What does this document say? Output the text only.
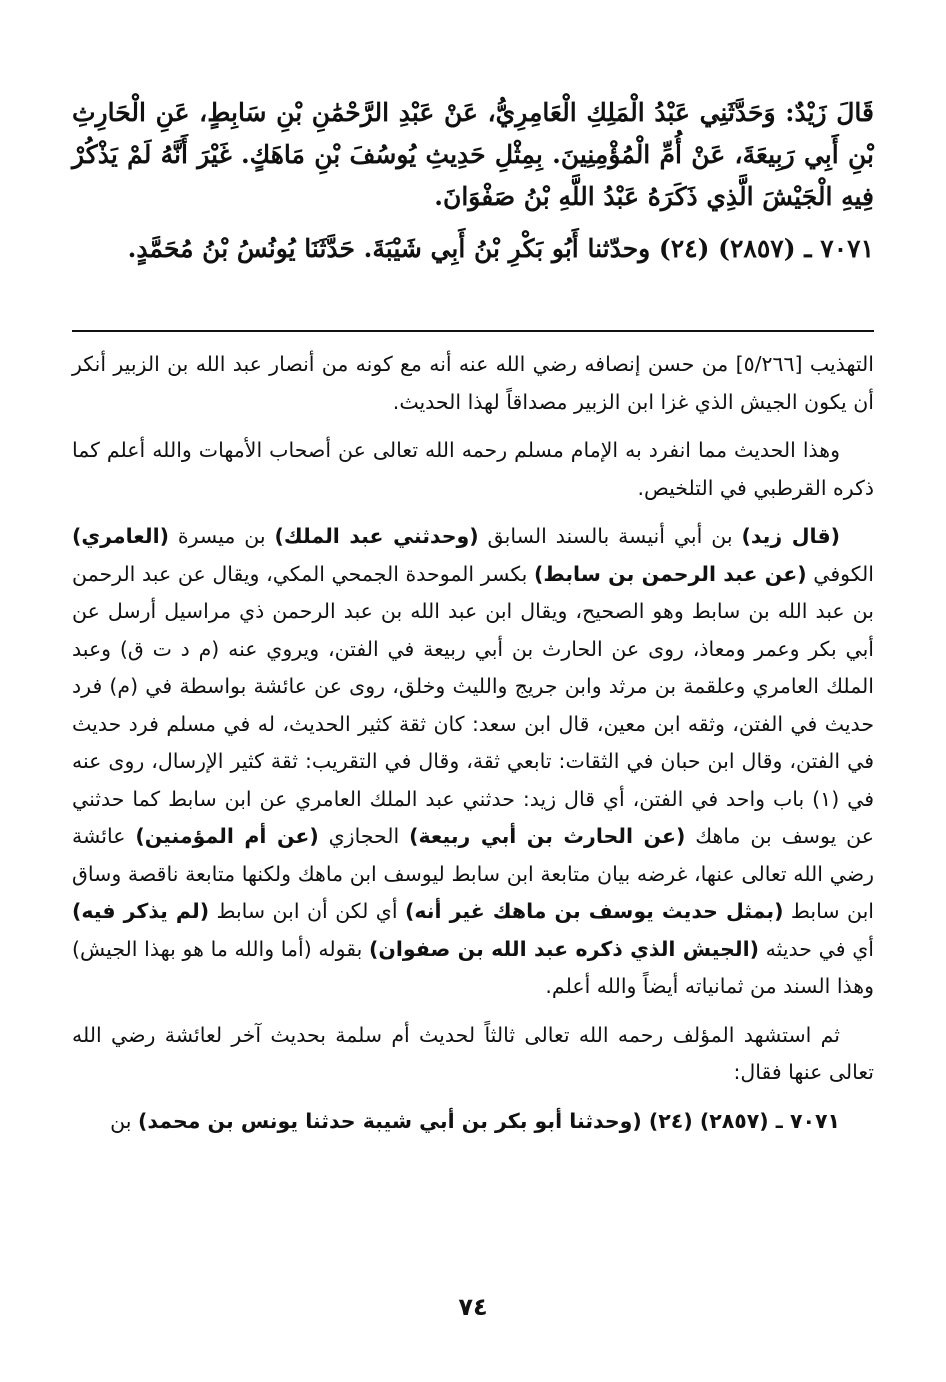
قَالَ زَيْدٌ: وَحَدَّثَنِي عَبْدُ الْمَلِكِ الْعَامِرِيُّ، عَنْ عَبْدِ الرَّحْمَٰنِ بْنِ سَابِطٍ، عَنِ الْحَارِثِ بْنِ أَبِي رَبِيعَةَ، عَنْ أُمِّ الْمُؤْمِنِينَ. بِمِثْلِ حَدِيثِ يُوسُفَ بْنِ مَاهَكٍ. غَيْرَ أَنَّهُ لَمْ يَذْكُرْ فِيهِ الْجَيْشَ الَّذِي ذَكَرَهُ عَبْدُ اللَّهِ بْنُ صَفْوَانَ.

٧٠٧١ ـ (٢٨٥٧) (٢٤) وحدّثنا أَبُو بَكْرِ بْنُ أَبِي شَيْبَةَ. حَدَّثَنَا يُونُسُ بْنُ مُحَمَّدٍ.

التهذيب [٥/٢٦٦] من حسن إنصافه رضي الله عنه أنه مع كونه من أنصار عبد الله بن الزبير أنكر أن يكون الجيش الذي غزا ابن الزبير مصداقاً لهذا الحديث.

وهذا الحديث مما انفرد به الإمام مسلم رحمه الله تعالى عن أصحاب الأمهات والله أعلم كما ذكره القرطبي في التلخيص.

(قال زيد) بن أبي أنيسة بالسند السابق (وحدثني عبد الملك) بن ميسرة (العامري) الكوفي (عن عبد الرحمن بن سابط) بكسر الموحدة الجمحي المكي، ويقال عن عبد الرحمن بن عبد الله بن سابط وهو الصحيح، ويقال ابن عبد الله بن عبد الرحمن ذي مراسيل أرسل عن أبي بكر وعمر ومعاذ، روى عن الحارث بن أبي ربيعة في الفتن، ويروي عنه (م د ت ق) وعبد الملك العامري وعلقمة بن مرثد وابن جريج والليث وخلق، روى عن عائشة بواسطة في (م) فرد حديث في الفتن، وثقه ابن معين، قال ابن سعد: كان ثقة كثير الحديث، له في مسلم فرد حديث في الفتن، وقال ابن حبان في الثقات: تابعي ثقة، وقال في التقريب: ثقة كثير الإرسال، روى عنه في (١) باب واحد في الفتن، أي قال زيد: حدثني عبد الملك العامري عن ابن سابط كما حدثني عن يوسف بن ماهك (عن الحارث بن أبي ربيعة) الحجازي (عن أم المؤمنين) عائشة رضي الله تعالى عنها، غرضه بيان متابعة ابن سابط ليوسف ابن ماهك ولكنها متابعة ناقصة وساق ابن سابط (بمثل حديث يوسف بن ماهك غير أنه) أي لكن أن ابن سابط (لم يذكر فيه) أي في حديثه (الجيش الذي ذكره عبد الله بن صفوان) بقوله (أما والله ما هو بهذا الجيش) وهذا السند من ثمانياته أيضاً والله أعلم.

ثم استشهد المؤلف رحمه الله تعالى ثالثاً لحديث أم سلمة بحديث آخر لعائشة رضي الله تعالى عنها فقال:

٧٠٧١ ـ (٢٨٥٧) (٢٤) (وحدثنا أبو بكر بن أبي شيبة حدثنا يونس بن محمد) بن

٧٤
